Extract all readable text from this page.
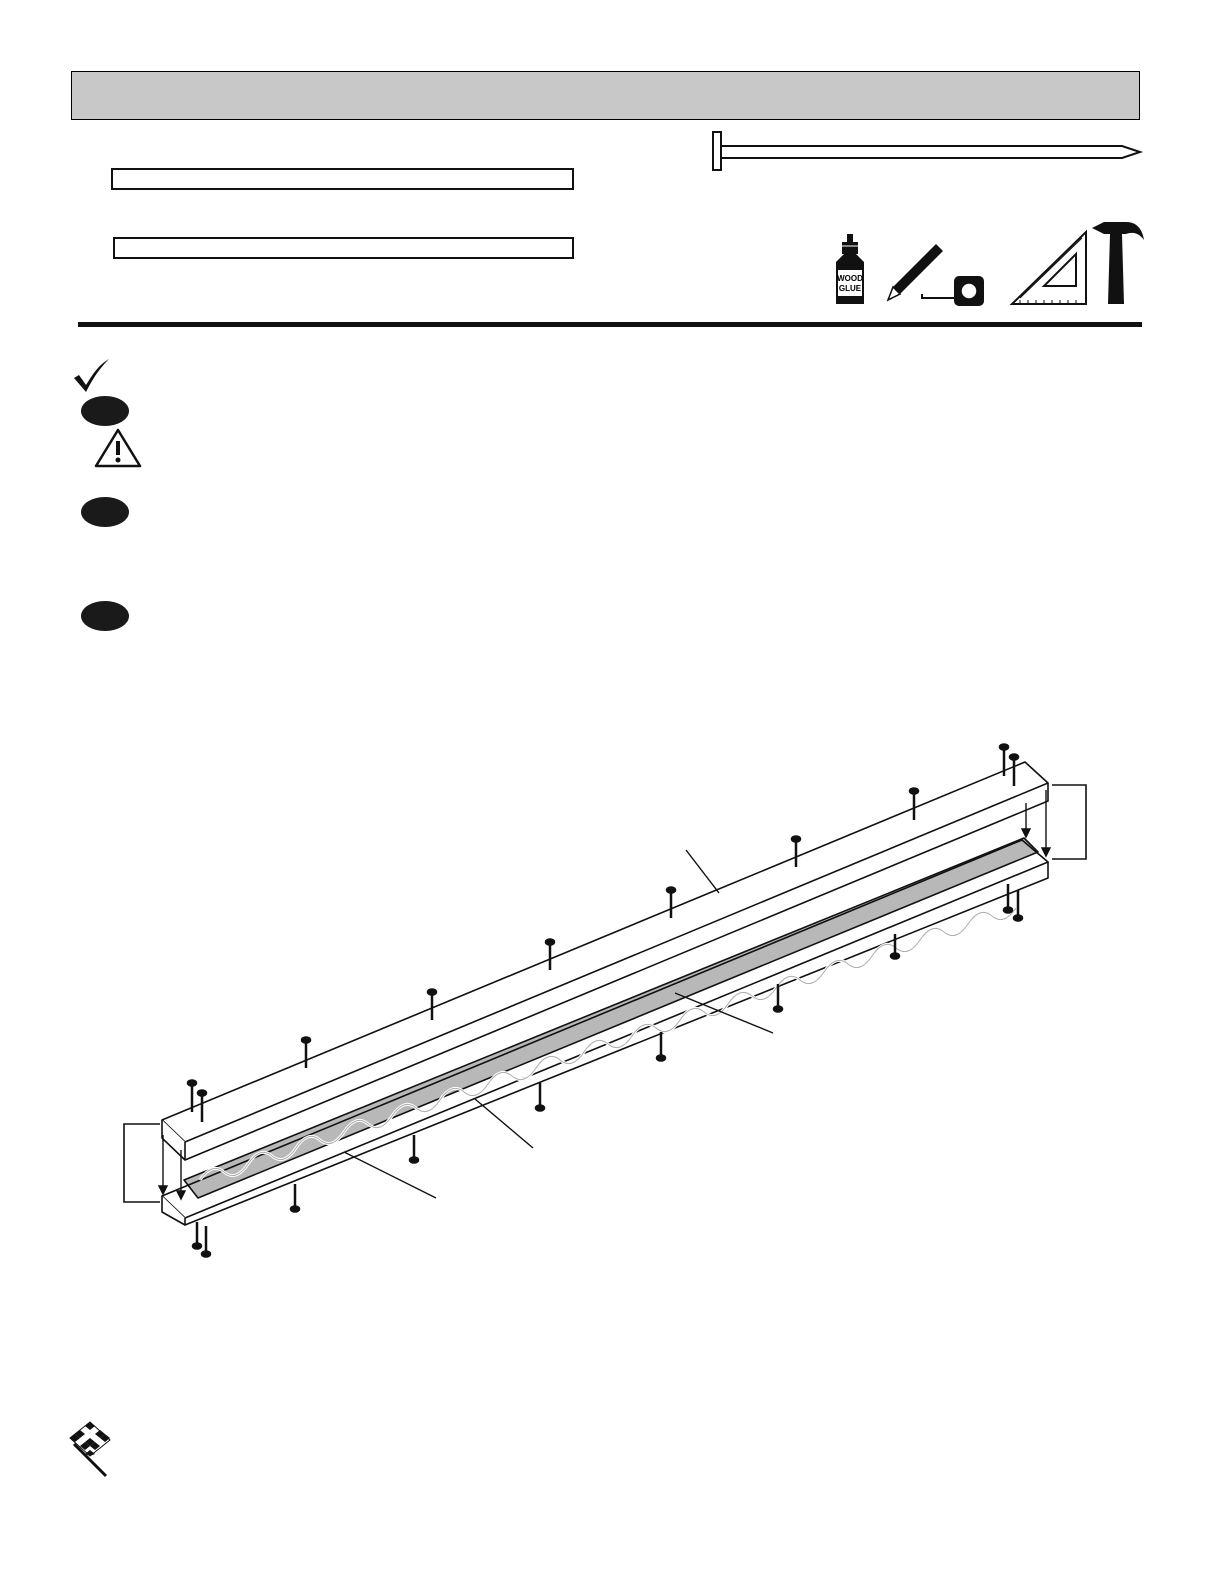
WOOD
GLUE
